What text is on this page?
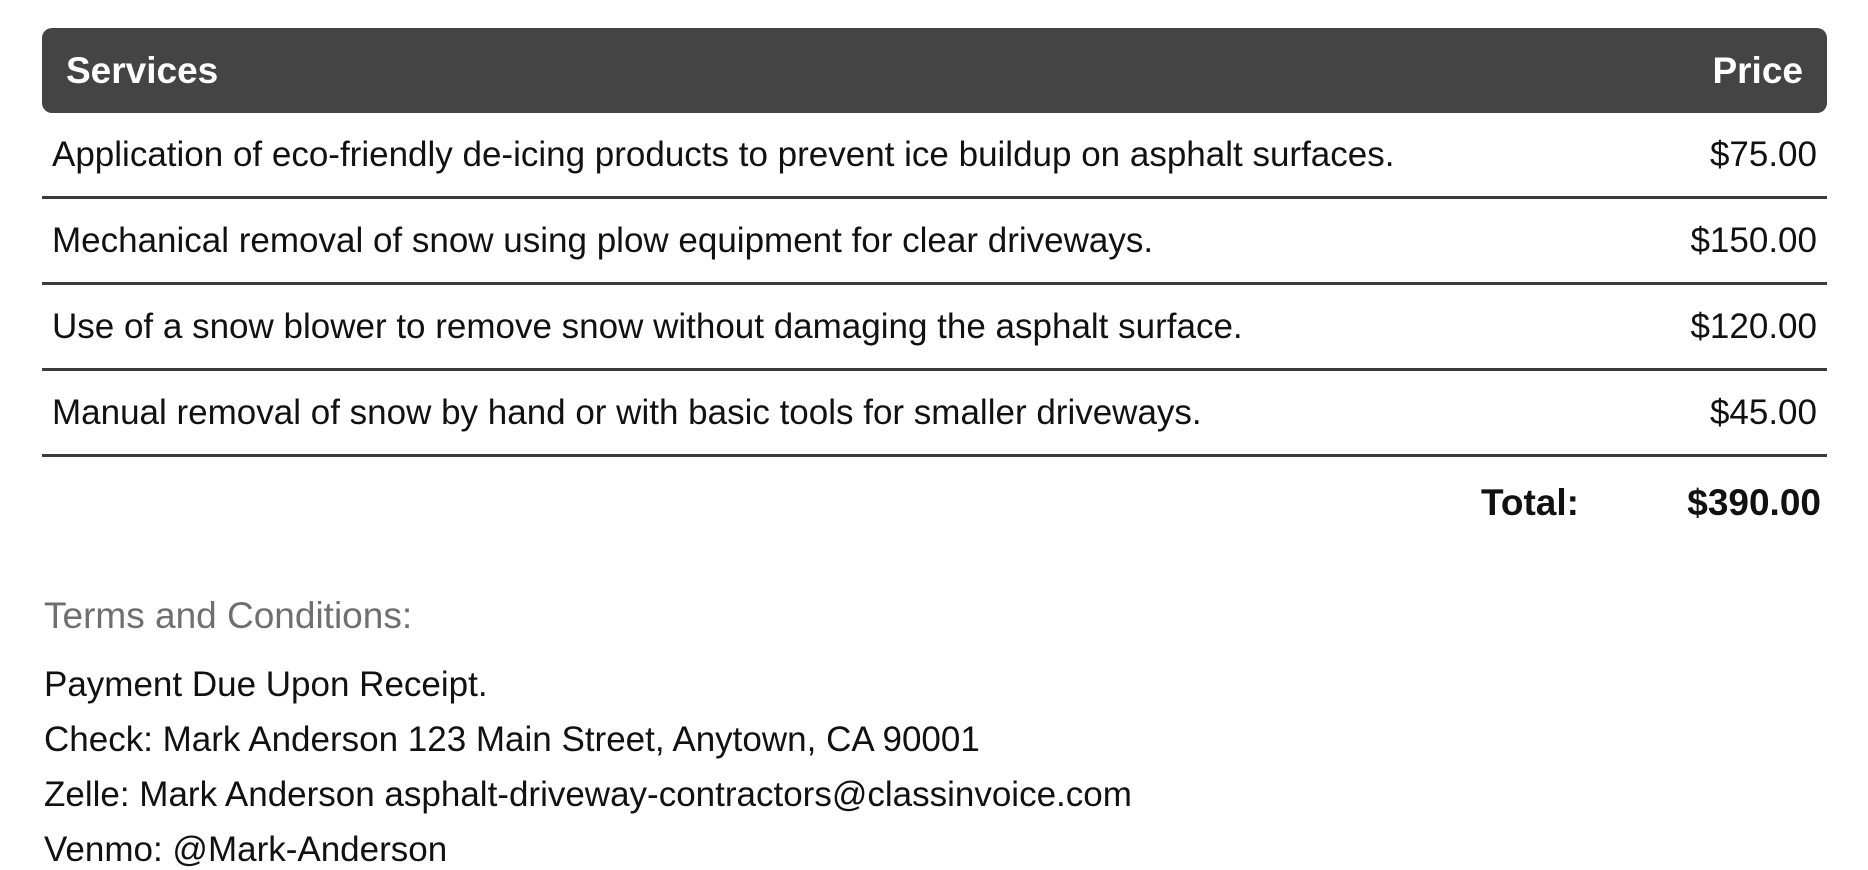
Services	Price
Application of eco-friendly de-icing products to prevent ice buildup on asphalt surfaces.	$75.00
Mechanical removal of snow using plow equipment for clear driveways.	$150.00
Use of a snow blower to remove snow without damaging the asphalt surface.	$120.00
Manual removal of snow by hand or with basic tools for smaller driveways.	$45.00
Total:	$390.00
Terms and Conditions:
Payment Due Upon Receipt.
Check: Mark Anderson 123 Main Street, Anytown, CA 90001
Zelle: Mark Anderson asphalt-driveway-contractors@classinvoice.com
Venmo: @Mark-Anderson
